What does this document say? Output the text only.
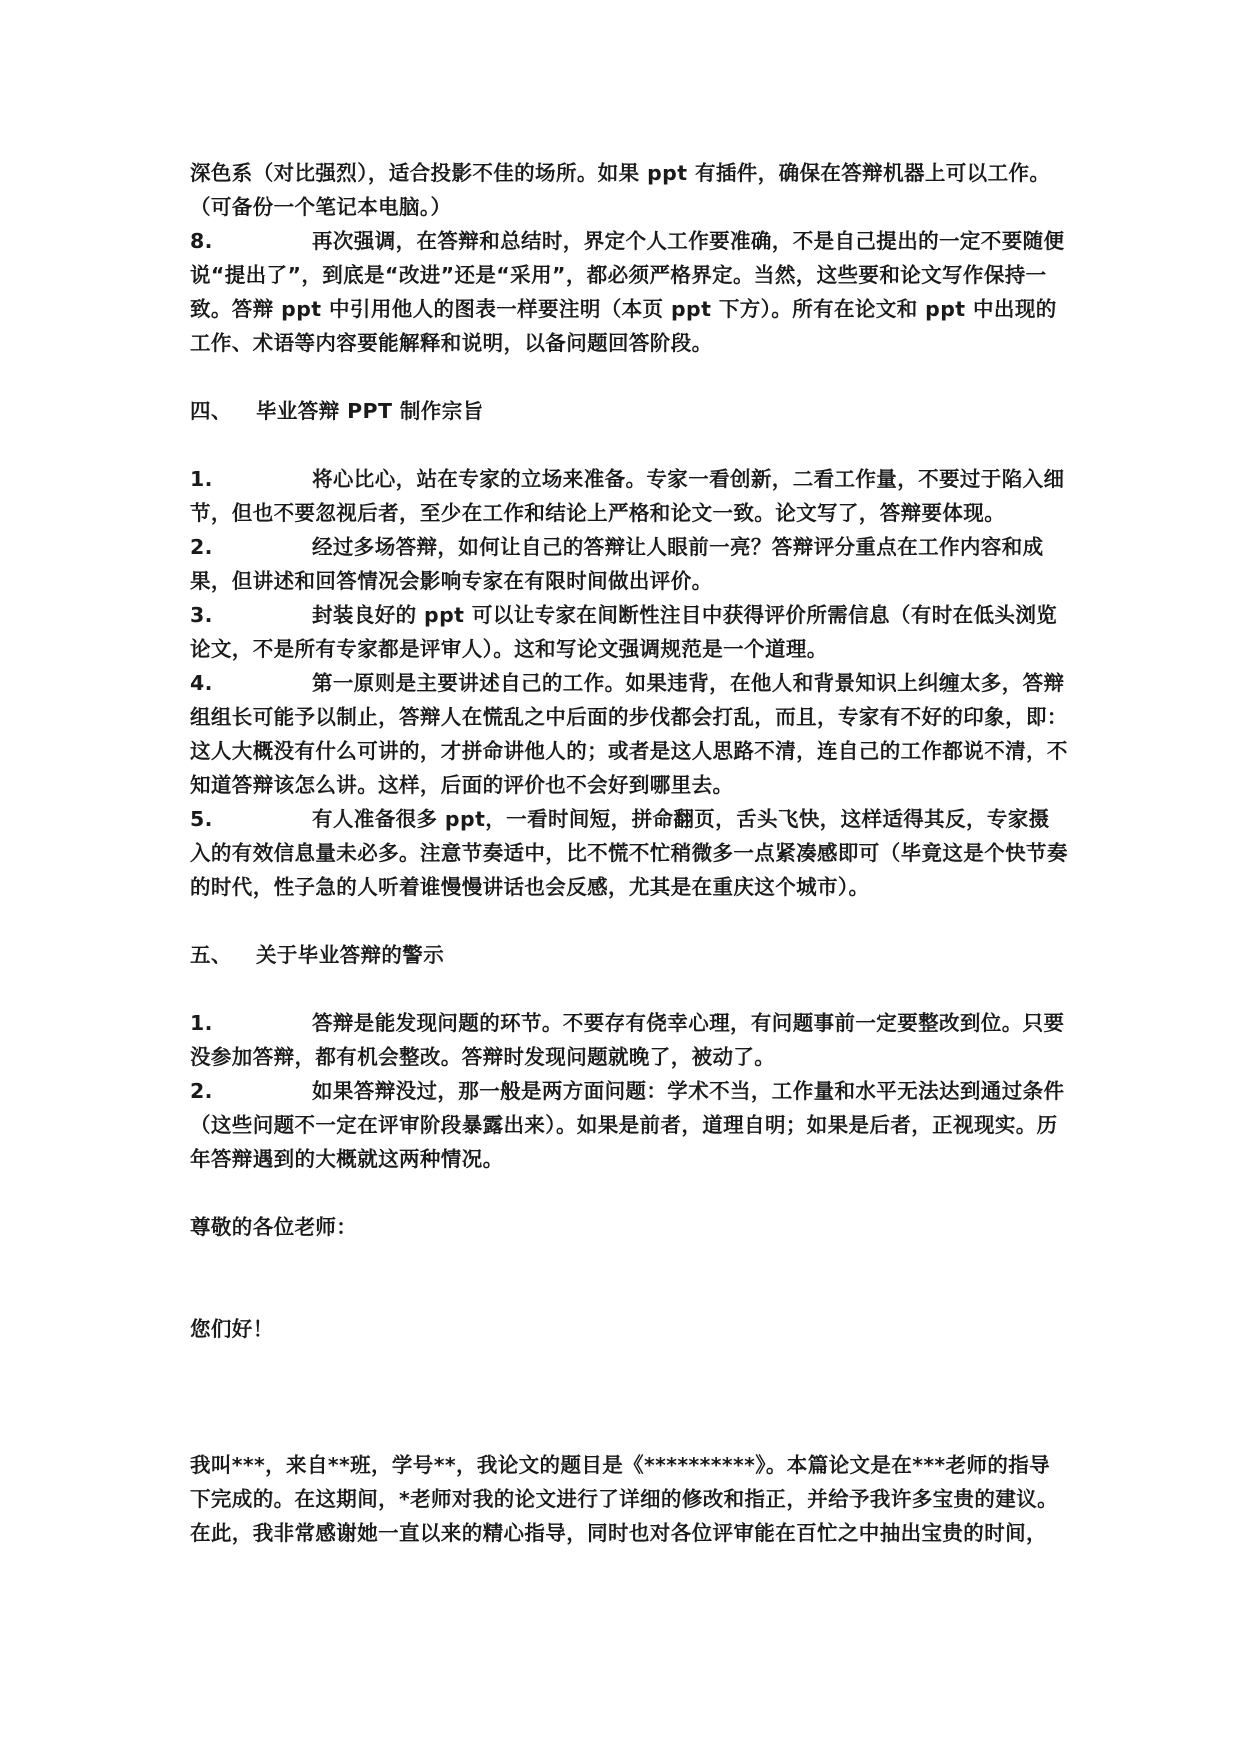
深色系（对比强烈），适合投影不佳的场所。如果 ppt 有插件，确保在答辩机器上可以工作。（可备份一个笔记本电脑。）

8.	再次强调，在答辩和总结时，界定个人工作要准确，不是自己提出的一定不要随便说“提出了”，到底是“改进”还是“采用”，都必须严格界定。当然，这些要和论文写作保持一致。答辩 ppt 中引用他人的图表一样要注明（本页 ppt 下方）。所有在论文和 ppt 中出现的工作、术语等内容要能解释和说明，以备问题回答阶段。

四、 毕业答辩 PPT 制作宗旨

1.	将心比心，站在专家的立场来准备。专家一看创新，二看工作量，不要过于陷入细节，但也不要忽视后者，至少在工作和结论上严格和论文一致。论文写了，答辩要体现。

2.	经过多场答辩，如何让自己的答辩让人眼前一亮？答辩评分重点在工作内容和成果，但讲述和回答情况会影响专家在有限时间做出评价。

3.	封装良好的 ppt 可以让专家在间断性注目中获得评价所需信息（有时在低头浏览论文，不是所有专家都是评审人）。这和写论文强调规范是一个道理。

4.	第一原则是主要讲述自己的工作。如果违背，在他人和背景知识上纠缠太多，答辩组组长可能予以制止，答辩人在慌乱之中后面的步伐都会打乱，而且，专家有不好的印象，即：这人大概没有什么可讲的，才拼命讲他人的；或者是这人思路不清，连自己的工作都说不清，不知道答辩该怎么讲。这样，后面的评价也不会好到哪里去。

5.	有人准备很多 ppt，一看时间短，拼命翻页，舌头飞快，这样适得其反，专家摄入的有效信息量未必多。注意节奏适中，比不慌不忙稍微多一点紧凑感即可（毕竟这是个快节奏的时代，性子急的人听着谁慢慢讲话也会反感，尤其是在重庆这个城市）。

五、 关于毕业答辩的警示

1.	答辩是能发现问题的环节。不要存有侥幸心理，有问题事前一定要整改到位。只要没参加答辩，都有机会整改。答辩时发现问题就晚了，被动了。

2.	如果答辩没过，那一般是两方面问题：学术不当，工作量和水平无法达到通过条件（这些问题不一定在评审阶段暴露出来）。如果是前者，道理自明；如果是后者，正视现实。历年答辩遇到的大概就这两种情况。

尊敬的各位老师：

您们好！

我叫***，来自**班，学号**，我论文的题目是《**********》。本篇论文是在***老师的指导下完成的。在这期间，*老师对我的论文进行了详细的修改和指正，并给予我许多宝贵的建议。在此，我非常感谢她一直以来的精心指导，同时也对各位评审能在百忙之中抽出宝贵的时间，
